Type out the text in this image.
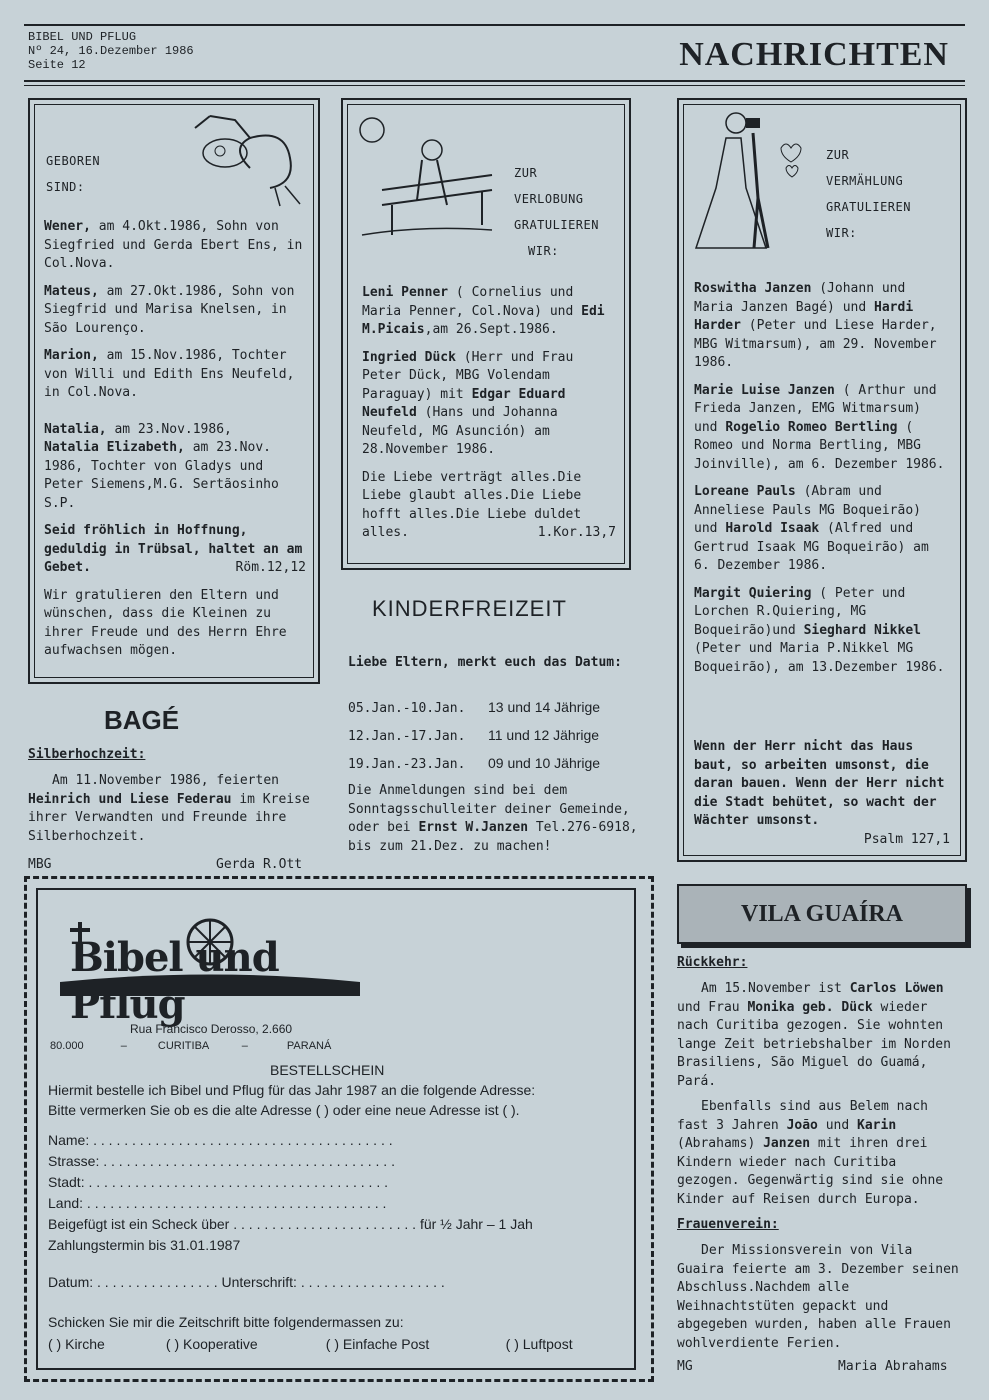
BIBEL UND PFLUG
Nº 24, 16.Dezember 1986
Seite 12	NACHRICHTEN
GEBOREN
SIND:

Wener, am 4.Okt.1986, Sohn von Siegfried und Gerda Ebert Ens, in Col.Nova.

Mateus, am 27.Okt.1986, Sohn von Siegfrid und Marisa Knelsen, in São Lourenço.

Marion, am 15.Nov.1986, Tochter von Willi und Edith Ens Neufeld, in Col.Nova.

Natalia, am 23.Nov.1986,
Natalia Elizabeth, am 23.Nov. 1986, Tochter von Gladys und Peter Siemens,M.G. Sertãosinho S.P.

Seid fröhlich in Hoffnung, geduldig in Trübsal, haltet an am Gebet.	Röm.12,12

Wir gratulieren den Eltern und wünschen, dass die Kleinen zu ihrer Freude und des Herrn Ehre aufwachsen mögen.

BAGÉ
Silberhochzeit:
Am 11.November 1986, feierten Heinrich und Liese Federau im Kreise ihrer Verwandten und Freunde ihre Silberhochzeit.
MBG	Gerda R.Ott
ZUR
VERLOBUNG
GRATULIEREN
WIR:

Leni Penner ( Cornelius und Maria Penner, Col.Nova) und Edi M.Picais,am 26.Sept.1986.

Ingried Dück (Herr und Frau Peter Dück, MBG Volendam Paraguay) mit Edgar Eduard Neufeld (Hans und Johanna Neufeld, MG Asunción) am 28.November 1986.

Die Liebe verträgt alles.Die Liebe glaubt alles.Die Liebe hofft alles.Die Liebe duldet alles.	1.Kor.13,7

KINDERFREIZEIT
Liebe Eltern, merkt euch das Datum:
05.Jan.-10.Jan. 13 und 14 Jährige
12.Jan.-17.Jan. 11 und 12 Jährige
19.Jan.-23.Jan. 09 und 10 Jährige
Die Anmeldungen sind bei dem Sonntagsschulleiter deiner Gemeinde, oder bei Ernst W.Janzen Tel.276-6918, bis zum 21.Dez. zu machen!
ZUR
VERMÄHLUNG
GRATULIEREN
WIR:

Roswitha Janzen (Johann und Maria Janzen Bagé) und Hardi Harder (Peter und Liese Harder, MBG Witmarsum), am 29. November 1986.

Marie Luise Janzen ( Arthur und Frieda Janzen, EMG Witmarsum) und Rogelio Romeo Bertling ( Romeo und Norma Bertling, MBG Joinville), am 6. Dezember 1986.

Loreane Pauls (Abram und Anneliese Pauls MG Boqueirão) und Harold Isaak (Alfred und Gertrud Isaak MG Boqueirão) am 6. Dezember 1986.

Margit Quiering ( Peter und Lorchen R.Quiering, MG Boqueirão)und Sieghard Nikkel (Peter und Maria P.Nikkel MG Boqueirão), am 13.Dezember 1986.

Wenn der Herr nicht das Haus baut, so arbeiten umsonst, die daran bauen. Wenn der Herr nicht die Stadt behütet, so wacht der Wächter umsonst.
Psalm 127,1
Bibel und Pflug
Rua Francisco Derosso, 2.660
80.000	–	CURITIBA	–	PARANÁ
BESTELLSCHEIN
Hiermit bestelle ich Bibel und Pflug für das Jahr 1987 an die folgende Adresse:
Bitte vermerken Sie ob es die alte Adresse ( ) oder eine neue Adresse ist ( ).
Name: . . . . . . . . . . . . . . . . . . . . . . . . . . . . . . . . . . . . . . .
Strasse: . . . . . . . . . . . . . . . . . . . . . . . . . . . . . . . . . . . . . .
Stadt: . . . . . . . . . . . . . . . . . . . . . . . . . . . . . . . . . . . . . . .
Land: . . . . . . . . . . . . . . . . . . . . . . . . . . . . . . . . . . . . . . .
Beigefügt ist ein Scheck über . . . . . . . . . . . . . . . . . . . . . . . . für ½ Jahr – 1 Jah
Zahlungstermin bis 31.01.1987
Datum: . . . . . . . . . . . . . . . . Unterschrift: . . . . . . . . . . . . . . . . . . .
Schicken Sie mir die Zeitschrift bitte folgendermassen zu:
( ) Kirche	( ) Kooperative	( ) Einfache Post	( ) Luftpost
VILA GUAÍRA
Rückkehr:
Am 15.November ist Carlos Löwen und Frau Monika geb. Dück wieder nach Curitiba gezogen. Sie wohnten lange Zeit betriebshalber im Norden Brasiliens, São Miguel do Guamá, Pará.
Ebenfalls sind aus Belem nach fast 3 Jahren João und Karin (Abrahams) Janzen mit ihren drei Kindern wieder nach Curitiba gezogen. Gegenwärtig sind sie ohne Kinder auf Reisen durch Europa.
Frauenverein:
Der Missionsverein von Vila Guaira feierte am 3. Dezember seinen Abschluss.Nachdem alle Weihnachtstüten gepackt und abgegeben wurden, haben alle Frauen wohlverdiente Ferien.
MG	Maria Abrahams
